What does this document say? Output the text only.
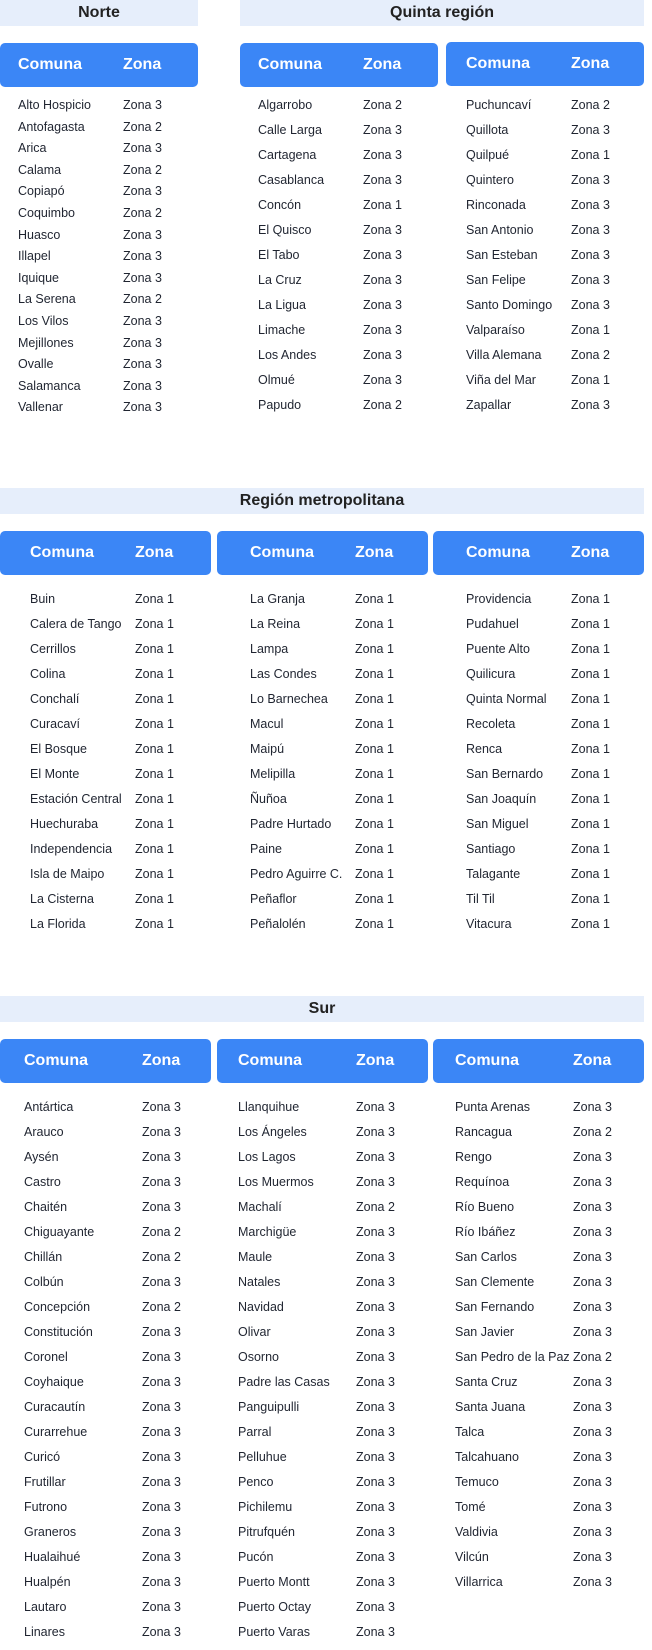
Norte	Quinta región
Región metropolitana
Sur
Comuna	Zona
Alto Hospicio	Zona 3
Antofagasta	Zona 2
Arica	Zona 3
Calama	Zona 2
Copiapó	Zona 3
Coquimbo	Zona 2
Huasco	Zona 3
Illapel	Zona 3
Iquique	Zona 3
La Serena	Zona 2
Los Vilos	Zona 3
Mejillones	Zona 3
Ovalle	Zona 3
Salamanca	Zona 3
Vallenar	Zona 3
Comuna	Zona
Algarrobo	Zona 2
Calle Larga	Zona 3
Cartagena	Zona 3
Casablanca	Zona 3
Concón	Zona 1
El Quisco	Zona 3
El Tabo	Zona 3
La Cruz	Zona 3
La Ligua	Zona 3
Limache	Zona 3
Los Andes	Zona 3
Olmué	Zona 3
Papudo	Zona 2
Comuna	Zona
Puchuncaví	Zona 2
Quillota	Zona 3
Quilpué	Zona 1
Quintero	Zona 3
Rinconada	Zona 3
San Antonio	Zona 3
San Esteban	Zona 3
San Felipe	Zona 3
Santo Domingo Zona 3
Valparaíso	Zona 1
Villa Alemana Zona 2
Viña del Mar	Zona 1
Zapallar	Zona 3
Comuna	Zona
Buin	Zona 1
Calera de Tango Zona 1
Cerrillos	Zona 1
Colina	Zona 1
Conchalí	Zona 1
Curacaví	Zona 1
El Bosque	Zona 1
El Monte	Zona 1
Estación Central Zona 1
Huechuraba	Zona 1
Independencia Zona 1
Isla de Maipo Zona 1
La Cisterna	Zona 1
La Florida	Zona 1
Comuna	Zona
La Granja	Zona 1
La Reina	Zona 1
Lampa	Zona 1
Las Condes	Zona 1
Lo Barnechea Zona 1
Macul	Zona 1
Maipú	Zona 1
Melipilla	Zona 1
Ñuñoa	Zona 1
Padre Hurtado Zona 1
Paine	Zona 1
Pedro Aguirre C. Zona 1
Peñaflor	Zona 1
Peñalolén	Zona 1
Comuna	Zona
Providencia	Zona 1
Pudahuel	Zona 1
Puente Alto	Zona 1
Quilicura	Zona 1
Quinta Normal Zona 1
Recoleta	Zona 1
Renca	Zona 1
San Bernardo Zona 1
San Joaquín	Zona 1
San Miguel	Zona 1
Santiago	Zona 1
Talagante	Zona 1
Til Til	Zona 1
Vitacura	Zona 1
Comuna	Zona
Antártica	Zona 3
Arauco	Zona 3
Aysén	Zona 3
Castro	Zona 3
Chaitén	Zona 3
Chiguayante	Zona 2
Chillán	Zona 2
Colbún	Zona 3
Concepción	Zona 2
Constitución	Zona 3
Coronel	Zona 3
Coyhaique	Zona 3
Curacautín	Zona 3
Curarrehue	Zona 3
Curicó	Zona 3
Frutillar	Zona 3
Futrono	Zona 3
Graneros	Zona 3
Hualaihué	Zona 3
Hualpén	Zona 3
Lautaro	Zona 3
Linares	Zona 3
Comuna	Zona
Llanquihue	Zona 3
Los Ángeles	Zona 3
Los Lagos	Zona 3
Los Muermos	Zona 3
Machalí	Zona 2
Marchigüe	Zona 3
Maule	Zona 3
Natales	Zona 3
Navidad	Zona 3
Olivar	Zona 3
Osorno	Zona 3
Padre las Casas Zona 3
Panguipulli	Zona 3
Parral	Zona 3
Pelluhue	Zona 3
Penco	Zona 3
Pichilemu	Zona 3
Pitrufquén	Zona 3
Pucón	Zona 3
Puerto Montt	Zona 3
Puerto Octay	Zona 3
Puerto Varas	Zona 3
Comuna	Zona
Punta Arenas	Zona 3
Rancagua	Zona 2
Rengo	Zona 3
Requínoa	Zona 3
Río Bueno	Zona 3
Río Ibáñez	Zona 3
San Carlos	Zona 3
San Clemente	Zona 3
San Fernando	Zona 3
San Javier	Zona 3
San Pedro de la Paz Zona 2
Santa Cruz	Zona 3
Santa Juana	Zona 3
Talca	Zona 3
Talcahuano	Zona 3
Temuco	Zona 3
Tomé	Zona 3
Valdivia	Zona 3
Vilcún	Zona 3
Villarrica	Zona 3
